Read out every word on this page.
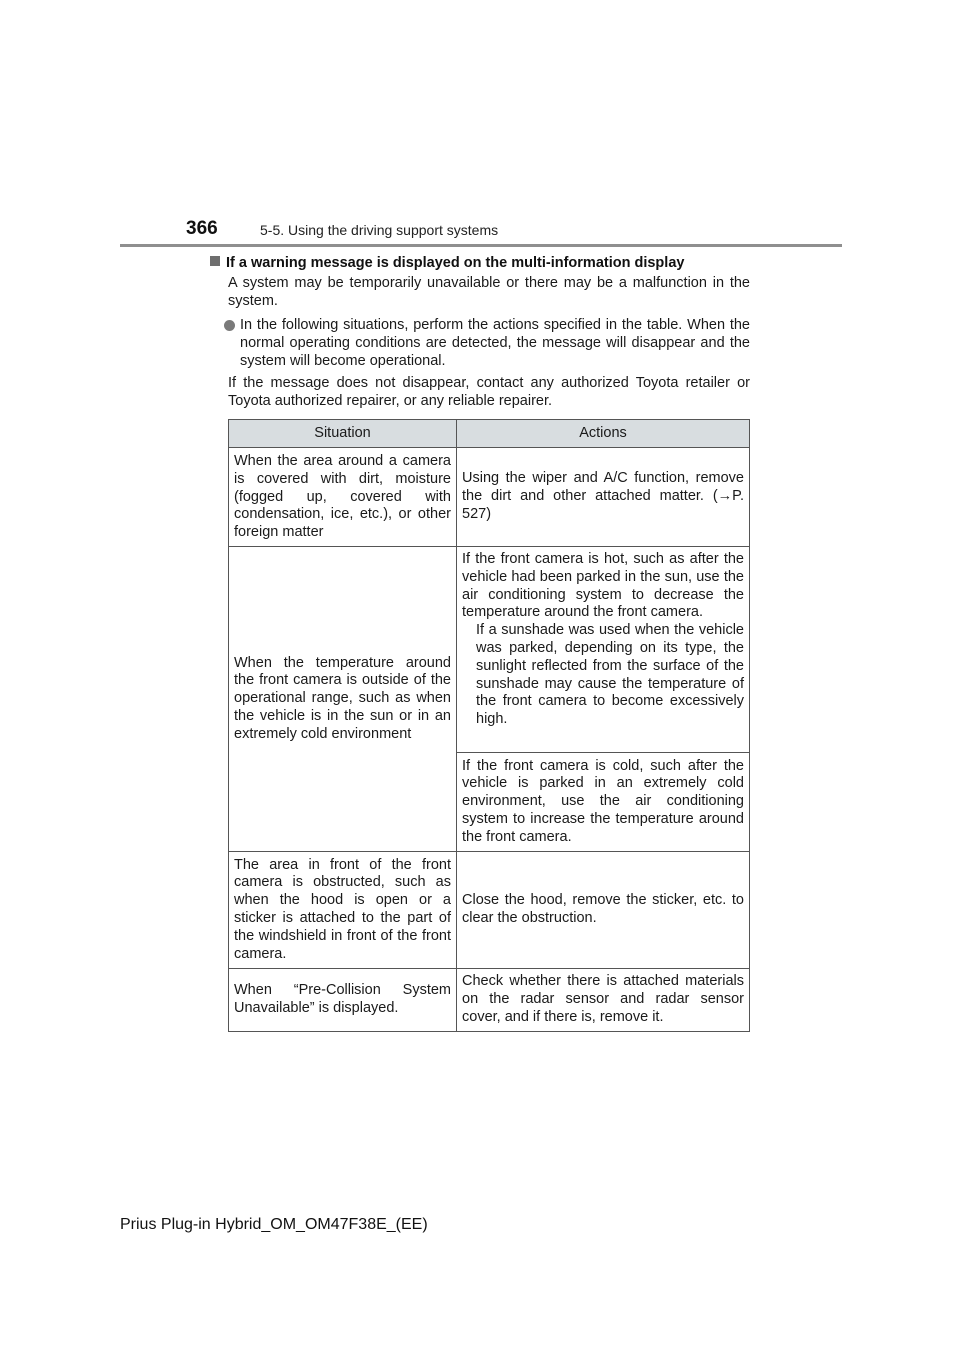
366	5-5. Using the driving support systems
If a warning message is displayed on the multi-information display
A system may be temporarily unavailable or there may be a malfunction in the system.
In the following situations, perform the actions specified in the table. When the normal operating conditions are detected, the message will disappear and the system will become operational.
If the message does not disappear, contact any authorized Toyota retailer or Toyota authorized repairer, or any reliable repairer.
Situation	Actions
When the area around a camera is covered with dirt, moisture (fogged up, covered with condensation, ice, etc.), or other foreign matter	Using the wiper and A/C function, remove the dirt and other attached matter. (→P. 527)
When the temperature around the front camera is outside of the operational range, such as when the vehicle is in the sun or in an extremely cold environment	If the front camera is hot, such as after the vehicle had been parked in the sun, use the air conditioning system to decrease the temperature around the front camera.
If a sunshade was used when the vehicle was parked, depending on its type, the sunlight reflected from the surface of the sunshade may cause the temperature of the front camera to become excessively high.

	If the front camera is cold, such after the vehicle is parked in an extremely cold environment, use the air conditioning system to increase the temperature around the front camera.
The area in front of the front camera is obstructed, such as when the hood is open or a sticker is attached to the part of the windshield in front of the front camera.	Close the hood, remove the sticker, etc. to clear the obstruction.
When “Pre-Collision System Unavailable” is displayed.	Check whether there is attached materials on the radar sensor and radar sensor cover, and if there is, remove it.
Prius Plug-in Hybrid_OM_OM47F38E_(EE)
